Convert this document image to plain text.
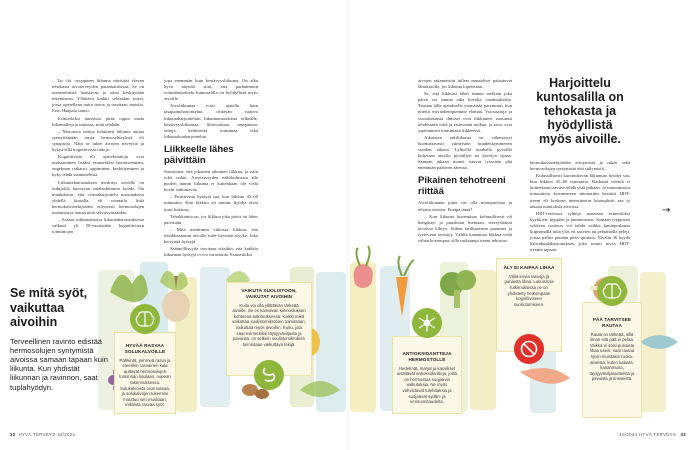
– Tai chi -tyyppinen liikunta näyttäisi olevan tehokasta aivoterveyden parantamisessa. Se on menetelmistä haastavaa ja siinä keskitytään tekemiseen. Yllättävä kaikki selitetään totesi, jossa opetellaan uutta tietoa ja tarvitaan muistia, Eero Haapala sanoo.

Esimerkiksi tanssissa pitää oppia uusia liikemalleja ja muistaa, mitä tehdään.

– Motorisia taitoja kehittävä liikunta auttaa synnyttämään uusia hermosyhteyksiä eli synapseja. Näin se tukee aivojen terveyttä ja kykyä sillä kognitiivisia taitoja.

Kognitiivisia eli ajattelutaitoja ovat muistaminen lisäksi esimerkiksi havaitseminen, ongelman ratkaisu, oppiminen, keskittyminen ja kyky tehdä suunnitelmia.

Liikuntaharrastuksen merkitys aivoille on tutkijoilla kasvavan mielenkiinnon kohde. On muuhdoittu, että voimaharjoittelu nuoruudessa yhdellä kiusalla, eli voimailu lisää hermokasvutekijöiden erityisesti hermosolujen tuotantoa ja auttaa niitä selviytymäänkin.

– Erääsä tutkimuksessa liikuntaharrastuksesta valkuiti yli 50-vuotiaiden kognitiivisten toimintojen

jopa enemmän kuin kestävyysliikunta. On alka hyvä näyttää siitä, että parhaimmin voimaharjoittelu kuntosalilla on hyödyllistä myös aivoille.

Aivoliikuntaa voisi ajatella kuin tasapainoharjoittelua, riittävän vaativa liikuntaharjoitteluin liikuntamuodoista selkeälle, kestävyysliikuntaa, lihasvoimaa, tasapainoa, taitoja kehittävää toimintaa eikä liikuntakonharjoittelua.

Liikkeelle lähes päivittäin

Suosittaan, että jokainen aikuinen liikkuu, ja näin tokii onkin. Aivoterveyden näkökulmasta alle puolen tunnin liikunta ei kuitenkaan ole vielä kovin vaikuttavaa.

– Positiivisia hyötyjä saa, kun liikkuu 45–60 minuuttia. Kun liikkuu yli tunnin, hyödyt eivät juuri lisäänny.

Tehokkainta on, jos liikkuu joka päivä tai lähes päivittäin.

– Mitä useammin viikossa liikkuu, sitä tehokkaammin aivoille tulee hyvinen äryyke. Joka kerrytetä hyötyjä.

Säännöllisyyttä tarvitaan siksikin, että kaikkia liikunnan hyötyjä ei voi varastoida. Esimerkiksi

aivojen rakenteisiin tulleet muutokset palautuvat lähtötasolle, jos liikunta lopetetaan.

Se, että liikkuisi lähes tunnin melkein joka päivä voi tuntua aika kovalta vaatimukselta. Taustan tälle ajatukselle ymmärtää paremmin, kun miettii esivanhempiemme elämää. Vuosisatoja ja vuosituhansia ihmiset ovat liikkuneet runsaasti tehdessään töitä ja etsiessään ruokaa, ja aivot ovat sopeutuneet toimimaan liikkeessä.

Aikuisten arkiliikunta on vähentynyt huomattavasti viimeisten kuudenkymmenen vuoden aikana. Lyhyellä matkalla pyörällä kuljetaan autolla pyörällyn tai kävelyn sijaan. Samaan aikaan monet istuvat työssään yhä enemmän päätteen ääressä.

Pikainen tehotreeni riittää

Aivoliikunnan pitää siis olla monipuolista ja tehoisa useiten. Entäpä tämä?

– Kun liikunta kuormittaa kohtuullisesti eli hengästyt ja puuskutat hiemaan, terveyshaitat aivoissa kilttyy. Siihen tarilkaavuun parannet ja tyytevemt terästyy. Välillä kannattaa liikkua vielä vähän kovempaa, sillä raskaampi treeni tehostaa

Harjoittelu kuntosalilla on tehokasta ja hyödyllistä myös aivoille.

hermokasvutekijöiden erittymistä ja tukee sekä hermosolujen syntymistä että säilymistä.

Kohtuullisesti kuormittavan liikunnan hyödyt saa, kun liikkuu 45–60 minuuttia. Raskasta treeniä ei kuitenkaan tarvitse tehdä yhtä pitkään. Jo muutamassa minuutissa kymmeneen minuuttiin kestävä HIIT-treeni eli korkean intensiteetin kuntoplirtti saa jo aikaan muutoksia aivoissa.

HIIT-treenissä tyhtejä nonetaan esimerkiksi kyykkien, hyppien ja punnerrusen. Samaan tyyppisen sykkeen nostoon voi tehdä vaikka kuntopotlunaa kiipeämällä mitä ylös ett saavien tai pelaamalla peleji, joissa palloe pettään pitää spurtata. Nivalta 36 hyydä kahvakuulaharjoituksen, joka toimii myös HIIT-treenin tapaan.

→
Se mitä syöt, vaikuttaa aivoihin
Terveellinen ravinto edistää hermosolujen syntymistä aivoissa samaan tapaan kuin liikunta. Kun yhdistät liikunnan ja ravinnon, saat tuplahyödyn.
HYVÄÄ RASVAA SOLUKALVOILLE
Pähkinät, pehmeä rasva ja eteerikin rasvainen kala auttavat hermosolujen toiminnan kaulaan, nopean rakennuksessa. Solukalvoista ovat rasvaa, ja solukalvojen tukemine muuttuu sen muukaan, millaista rasvaa syöt.
VAIKUTA SUOLISTOON, VAIKUTAT AIVOIHIN
Kuitu voi olla yllättävän tärkeää aivoille. Se on kasvavan kiinnostuksen kohteena tutkimuksessa. Kaikki mikä vaikuttaa suolistomikrobien toimintaan, vaikuttaa myös aivoihin. Kuitu, jota saat esimerkiksi täysjyväviljasta ja pavuista, on selkein suolistomikrobien toimintaan vaikuttava tekijä.
ANTIOKSIDANTTEJA HERMOSTOLLE
Hedelmät, marjat ja kasvikset sisältävät antioksidantteja, joilla on hermostoa suojaavia vaikutuksia. Ne myös vahvistavat tulehduksia ja suojaavat sydän- ja verisuonitaudelta.
ÄLY EI KAIPAA LIHAA
Väliä kovia rasvoja ja punaista lihaa. Lukuisissa tutkimuksissa ne on yhdistetty heikompaan kognitiiviseen suoriutumiseen.
PÄÄ TARVITSEE RAUTAA
Rauta on tärkeää, sillä ilman sitä pää ei pelaa. Vaikka ei söisi punaista lihaa usein, saat rautaa hyvin muistakin ruoka-aineista, kuten kalasta, kananmuna, täysjyväviljatuotteista ja pavuista ja linsseistä.
32 HYVÄ TERVEYS 10/2024	10/2024 HYVÄ TERVEYS 33
